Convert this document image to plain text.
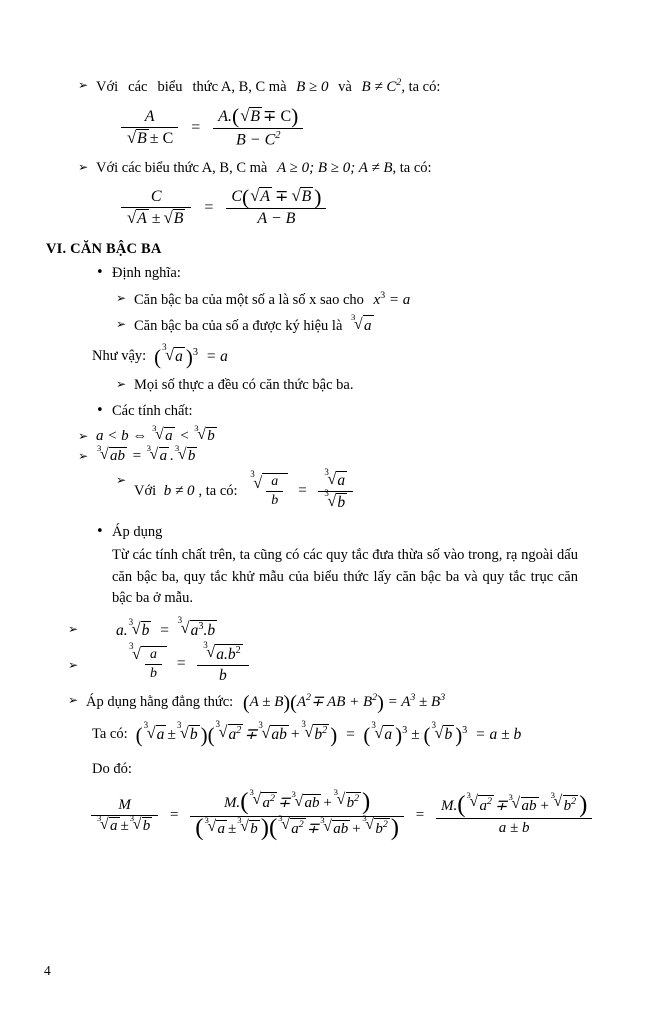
➢ Với các biểu thức A, B, C mà B ≥ 0 và $B \ne C^2$, ta có:
A
√ $B \pm C = \frac{A.( √ B \mp C)}{B - C^2}$
➢ Với các biểu thức A, B, C mà A ≥ 0; B ≥ 0; A ≠ B, ta có:
C
√ A ± √ $B = \frac{C( √ A \mp √ B )}{A - B}$
VI. CĂN BẬC BA
• Định nghĩa:
➢ Căn bậc ba của một số a là số x sao cho $x^3 = a$
➢ Căn bậc ba của số a được ký hiệu là √ a 3
Như vậy: ( √ a 3 )$^3$ = a
➢ Mọi số thực a đều có căn thức bậc ba.
• Các tính chất:
➢ a < b ⇔ √ a 3 < √ b 3
➢	√ ab 3 = √ a 3 . √ b 3
➢
Với b ≠ 0 , ta có: √ $\frac{a}{b}$
3 = √ a 3
√ b 3
• Áp dụng
Từ các tính chất trên, ta cũng có các quy tắc đưa thừa số vào trong, rạ ngoài dấu căn bậc ba, quy tắc khử mẫu của biểu thức lấy căn bậc ba và quy tắc trục căn bậc ba ở mẫu.
➢	a. √ b 3 = √ $a^3.b$ 3
➢	√ $\frac{a}{b}$
3 = √ $\frac{a.b^2 3}{b}$
➢ Áp dụng hằng đẳng thức: $(A \pm B)(A^2\mp$ AB + $B^2) = A^3 \pm B^3$
Ta có: ( √ a 3 ± √ b 3 )( √ $a^2$ 3 ∓ √ ab 3 + √ $b^2$ 3 ) = ( √ a 3 )$^3$ ± ( √ b 3 )$^3$ = a ± b
Do đó:
M
√ a 3 ± √ b $3 = \frac{M.( √ a^2 3 \mp √ ab 3 + √ b^2 3 )}{( √ a 3 \pm √ b 3 )( √ a^2 3 \mp √ ab 3 + √ b^2 3 )} = \frac{M.( √ a^2 3 \mp √ ab 3 + √ b^2 3 )}{a \pm b}$
4
